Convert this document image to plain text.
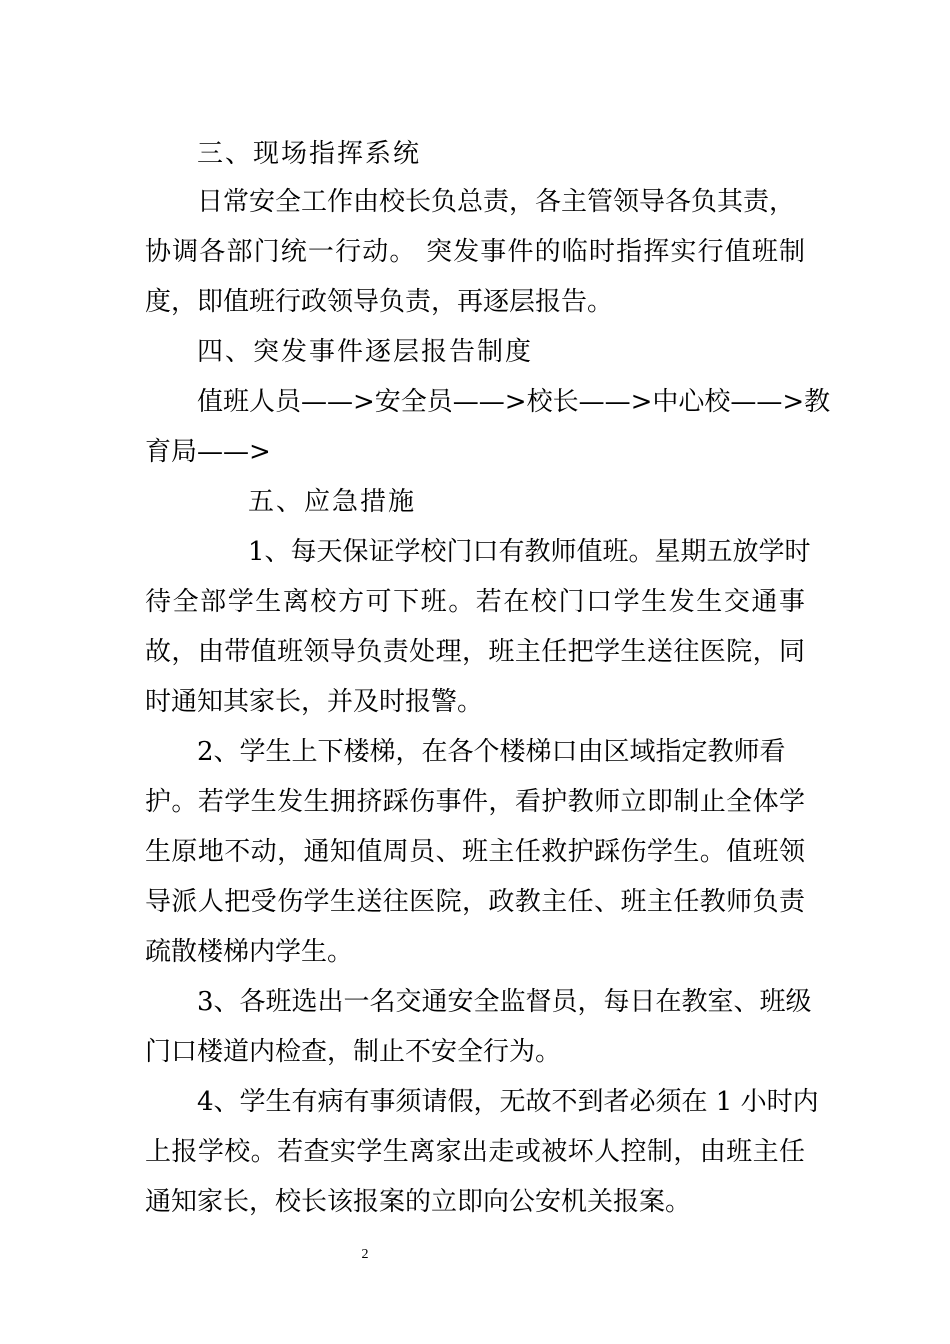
三、现场指挥系统
日常安全工作由校长负总责，各主管领导各负其责，
协调各部门统一行动。 突发事件的临时指挥实行值班制
度，即值班行政领导负责，再逐层报告。
四、突发事件逐层报告制度
值班人员——>安全员——>校长——>中心校——>教
育局——>
五、应急措施
1、每天保证学校门口有教师值班。星期五放学时
待全部学生离校方可下班。若在校门口学生发生交通事
故，由带值班领导负责处理，班主任把学生送往医院，同
时通知其家长，并及时报警。
2、学生上下楼梯，在各个楼梯口由区域指定教师看
护。若学生发生拥挤踩伤事件，看护教师立即制止全体学
生原地不动，通知值周员、班主任救护踩伤学生。值班领
导派人把受伤学生送往医院，政教主任、班主任教师负责
疏散楼梯内学生。
3、各班选出一名交通安全监督员，每日在教室、班级
门口楼道内检查，制止不安全行为。
4、学生有病有事须请假，无故不到者必须在 1 小时内
上报学校。若查实学生离家出走或被坏人控制，由班主任
通知家长，校长该报案的立即向公安机关报案。
2
